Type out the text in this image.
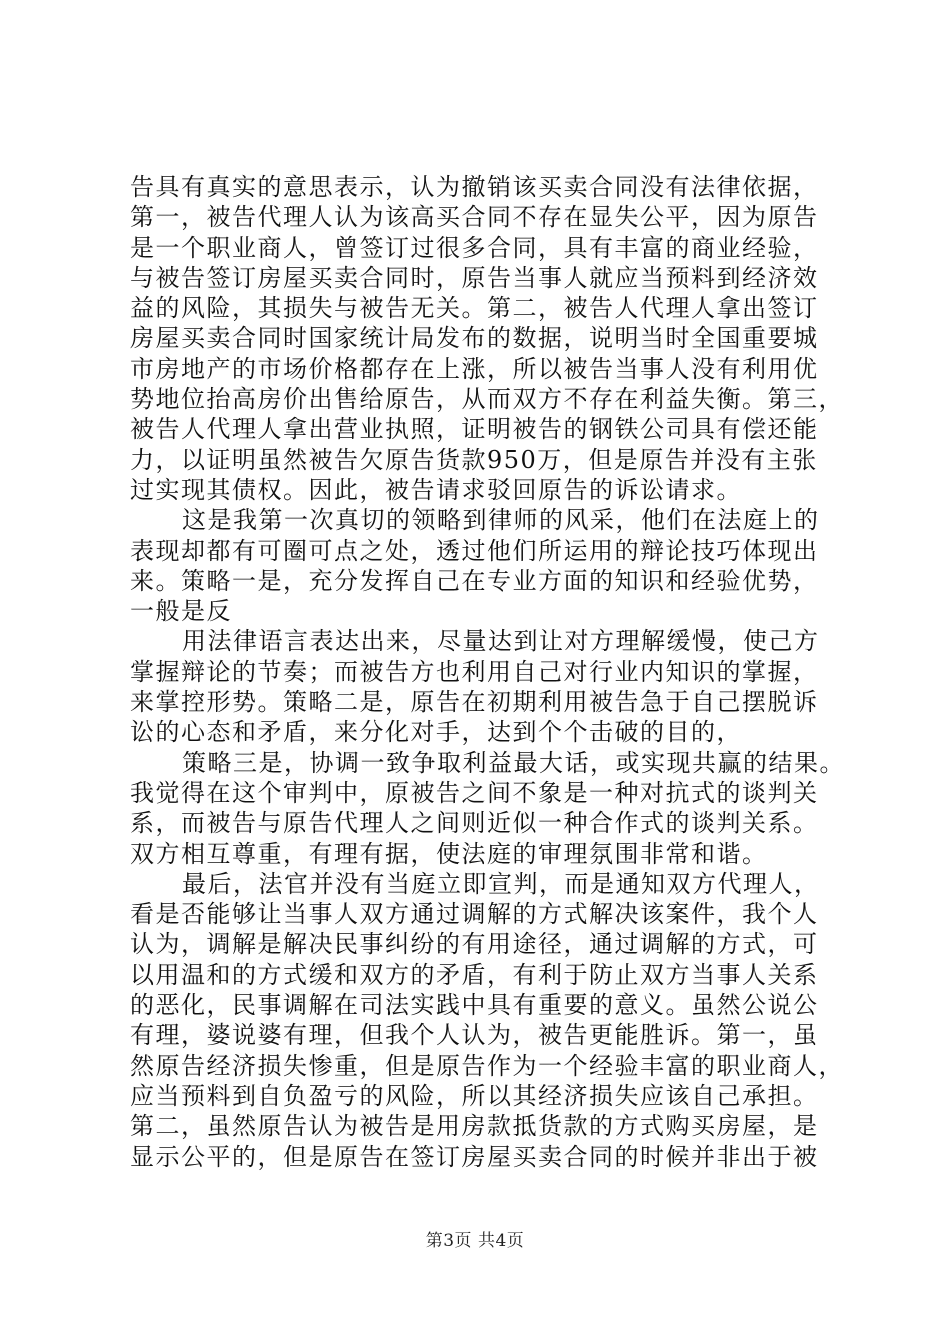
告具有真实的意思表示，认为撤销该买卖合同没有法律依据，
第一，被告代理人认为该高买合同不存在显失公平，因为原告
是一个职业商人，曾签订过很多合同，具有丰富的商业经验，
与被告签订房屋买卖合同时，原告当事人就应当预料到经济效
益的风险，其损失与被告无关。第二，被告人代理人拿出签订
房屋买卖合同时国家统计局发布的数据，说明当时全国重要城
市房地产的市场价格都存在上涨，所以被告当事人没有利用优
势地位抬高房价出售给原告，从而双方不存在利益失衡。第三，
被告人代理人拿出营业执照，证明被告的钢铁公司具有偿还能
力，以证明虽然被告欠原告货款950万，但是原告并没有主张
过实现其债权。因此，被告请求驳回原告的诉讼请求。
这是我第一次真切的领略到律师的风采，他们在法庭上的
表现却都有可圈可点之处，透过他们所运用的辩论技巧体现出
来。策略一是，充分发挥自己在专业方面的知识和经验优势，
一般是反
用法律语言表达出来，尽量达到让对方理解缓慢，使己方
掌握辩论的节奏；而被告方也利用自己对行业内知识的掌握，
来掌控形势。策略二是，原告在初期利用被告急于自己摆脱诉
讼的心态和矛盾，来分化对手，达到个个击破的目的，
策略三是，协调一致争取利益最大话，或实现共赢的结果。
我觉得在这个审判中，原被告之间不象是一种对抗式的谈判关
系，而被告与原告代理人之间则近似一种合作式的谈判关系。
双方相互尊重，有理有据，使法庭的审理氛围非常和谐。
最后，法官并没有当庭立即宣判，而是通知双方代理人，
看是否能够让当事人双方通过调解的方式解决该案件，我个人
认为，调解是解决民事纠纷的有用途径，通过调解的方式，可
以用温和的方式缓和双方的矛盾，有利于防止双方当事人关系
的恶化，民事调解在司法实践中具有重要的意义。虽然公说公
有理，婆说婆有理，但我个人认为，被告更能胜诉。第一，虽
然原告经济损失惨重，但是原告作为一个经验丰富的职业商人，
应当预料到自负盈亏的风险，所以其经济损失应该自己承担。
第二，虽然原告认为被告是用房款抵货款的方式购买房屋，是
显示公平的，但是原告在签订房屋买卖合同的时候并非出于被
第3页 共4页
